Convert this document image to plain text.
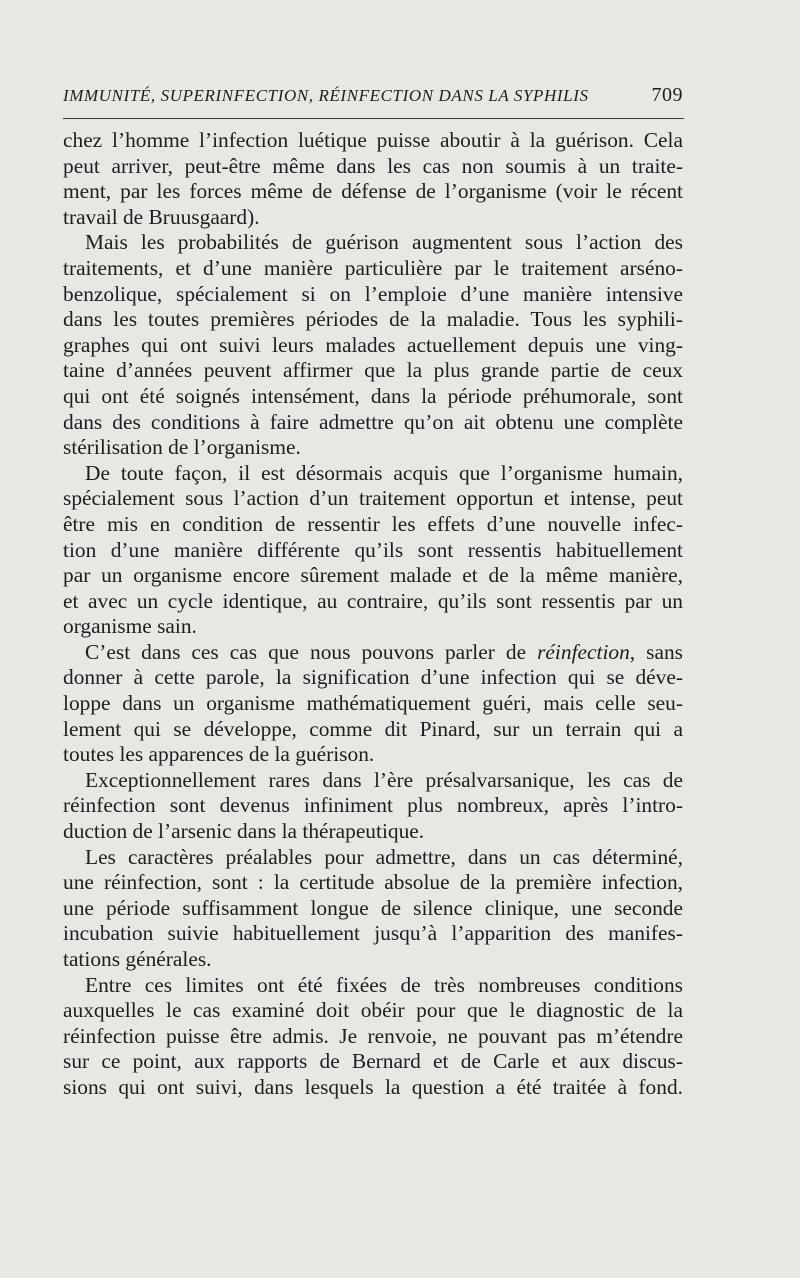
IMMUNITÉ, SUPERINFECTION, RÉINFECTION DANS LA SYPHILIS	709

chez l’homme l’infection luétique puisse aboutir à la guérison. Cela
peut arriver, peut-être même dans les cas non soumis à un traite-
ment, par les forces même de défense de l’organisme (voir le récent
travail de Bruusgaard).

Mais les probabilités de guérison augmentent sous l’action des
traitements, et d’une manière particulière par le traitement arséno-
benzolique, spécialement si on l’emploie d’une manière intensive
dans les toutes premières périodes de la maladie. Tous les syphili-
graphes qui ont suivi leurs malades actuellement depuis une ving-
taine d’années peuvent affirmer que la plus grande partie de ceux
qui ont été soignés intensément, dans la période préhumorale, sont
dans des conditions à faire admettre qu’on ait obtenu une complète
stérilisation de l’organisme.

De toute façon, il est désormais acquis que l’organisme humain,
spécialement sous l’action d’un traitement opportun et intense, peut
être mis en condition de ressentir les effets d’une nouvelle infec-
tion d’une manière différente qu’ils sont ressentis habituellement
par un organisme encore sûrement malade et de la même manière,
et avec un cycle identique, au contraire, qu’ils sont ressentis par un
organisme sain.

C’est dans ces cas que nous pouvons parler de réinfection, sans
donner à cette parole, la signification d’une infection qui se déve-
loppe dans un organisme mathématiquement guéri, mais celle seu-
lement qui se développe, comme dit Pinard, sur un terrain qui a
toutes les apparences de la guérison.

Exceptionnellement rares dans l’ère présalvarsanique, les cas de
réinfection sont devenus infiniment plus nombreux, après l’intro-
duction de l’arsenic dans la thérapeutique.

Les caractères préalables pour admettre, dans un cas déterminé,
une réinfection, sont : la certitude absolue de la première infection,
une période suffisamment longue de silence clinique, une seconde
incubation suivie habituellement jusqu’à l’apparition des manifes-
tations générales.

Entre ces limites ont été fixées de très nombreuses conditions
auxquelles le cas examiné doit obéir pour que le diagnostic de la
réinfection puisse être admis. Je renvoie, ne pouvant pas m’étendre
sur ce point, aux rapports de Bernard et de Carle et aux discus-
sions qui ont suivi, dans lesquels la question a été traitée à fond.
